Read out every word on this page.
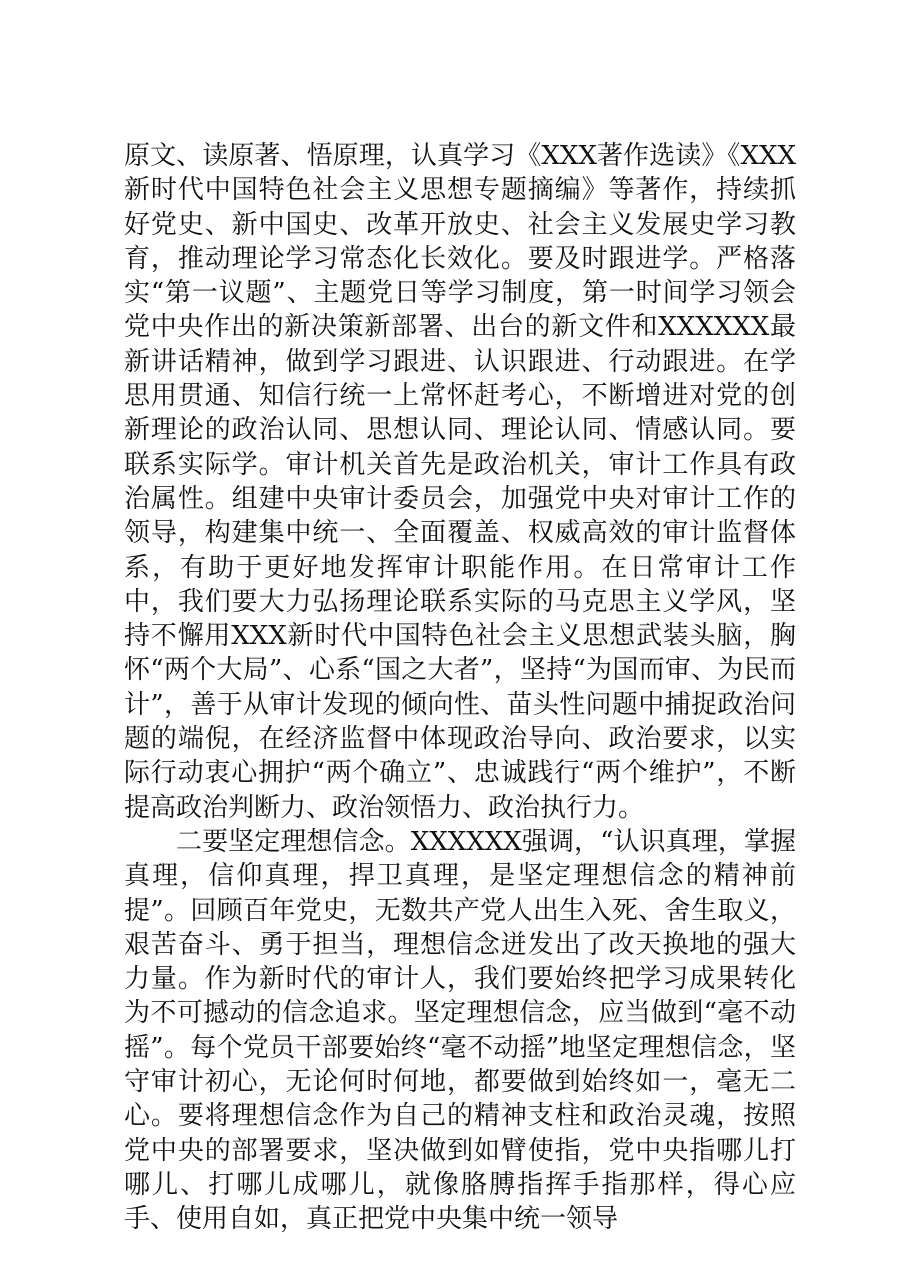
原文、读原著、悟原理，认真学习《XXX著作选读》《XXX新时代中国特色社会主义思想专题摘编》等著作，持续抓好党史、新中国史、改革开放史、社会主义发展史学习教育，推动理论学习常态化长效化。要及时跟进学。严格落实“第一议题”、主题党日等学习制度，第一时间学习领会党中央作出的新决策新部署、出台的新文件和XXXXXX最新讲话精神，做到学习跟进、认识跟进、行动跟进。在学思用贯通、知信行统一上常怀赶考心，不断增进对党的创新理论的政治认同、思想认同、理论认同、情感认同。要联系实际学。审计机关首先是政治机关，审计工作具有政治属性。组建中央审计委员会，加强党中央对审计工作的领导，构建集中统一、全面覆盖、权威高效的审计监督体系，有助于更好地发挥审计职能作用。在日常审计工作中，我们要大力弘扬理论联系实际的马克思主义学风，坚持不懈用XXX新时代中国特色社会主义思想武装头脑，胸怀“两个大局”、心系“国之大者”，坚持“为国而审、为民而计”，善于从审计发现的倾向性、苗头性问题中捕捉政治问题的端倪，在经济监督中体现政治导向、政治要求，以实际行动衷心拥护“两个确立”、忠诚践行“两个维护”，不断提高政治判断力、政治领悟力、政治执行力。

二要坚定理想信念。XXXXXX强调，“认识真理，掌握真理，信仰真理，捍卫真理，是坚定理想信念的精神前提”。回顾百年党史，无数共产党人出生入死、舍生取义，艰苦奋斗、勇于担当，理想信念迸发出了改天换地的强大力量。作为新时代的审计人，我们要始终把学习成果转化为不可撼动的信念追求。坚定理想信念，应当做到“毫不动摇”。每个党员干部要始终“毫不动摇”地坚定理想信念，坚守审计初心，无论何时何地，都要做到始终如一，毫无二心。要将理想信念作为自己的精神支柱和政治灵魂，按照党中央的部署要求，坚决做到如臂使指，党中央指哪儿打哪儿、打哪儿成哪儿，就像胳膊指挥手指那样，得心应手、使用自如，真正把党中央集中统一领导
